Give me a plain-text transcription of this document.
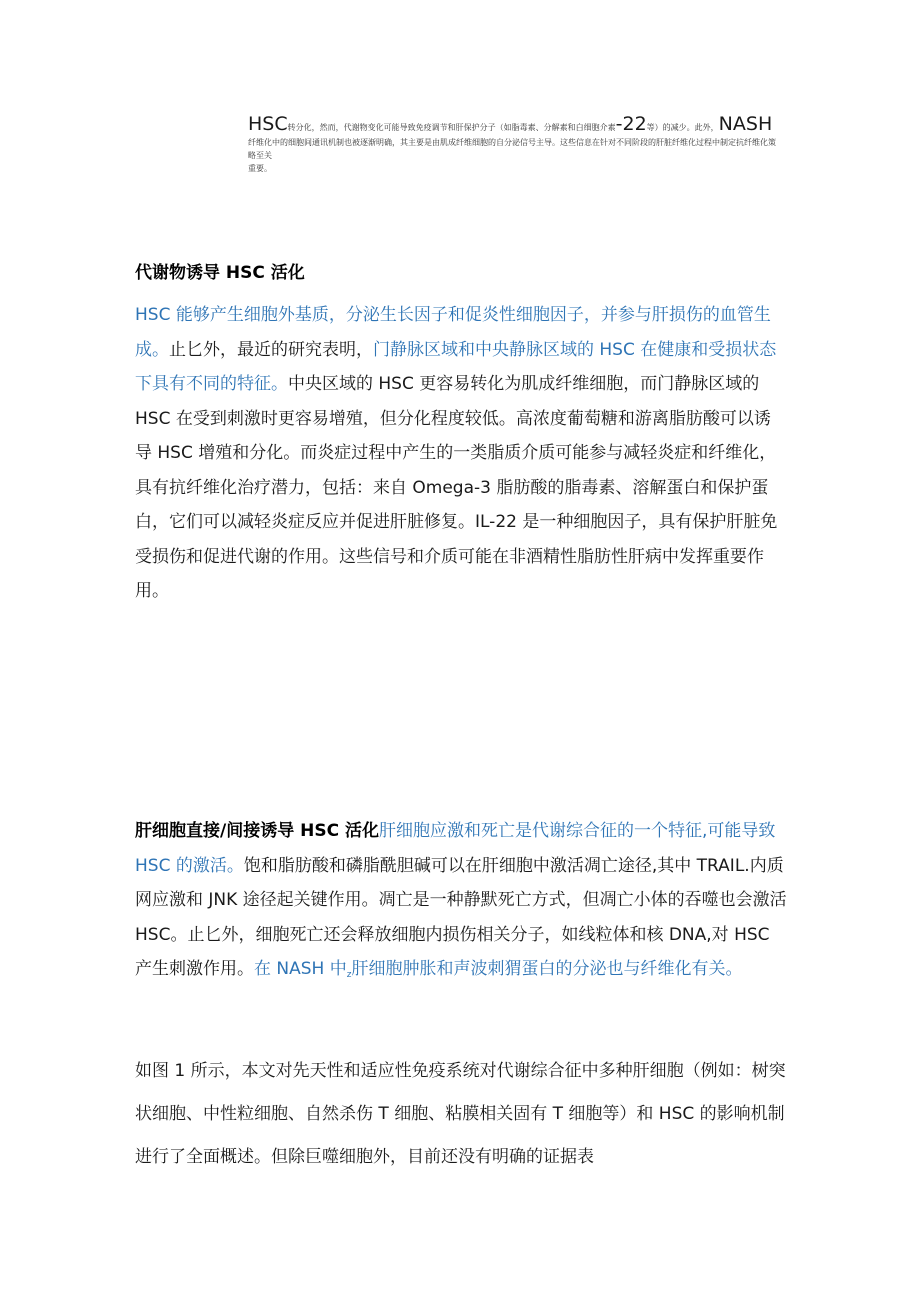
HSC转分化，然而，代谢物变化可能导致免疫调节和肝保护分子（如脂毒素、分解素和白细胞介素-22等）的减少。此外，NASH
纤维化中的细胞间通讯机制也被逐渐明确，其主要是由肌成纤维细胞的自分泌信号主导。这些信息在针对不同阶段的肝脏纤维化过程中制定抗纤维化策略至关
重要。
代谢物诱导 HSC 活化
HSC 能够产生细胞外基质，分泌生长因子和促炎性细胞因子，并参与肝损伤的血管生成。止匕外，最近的研究表明，门静脉区域和中央静脉区域的 HSC 在健康和受损状态下具有不同的特征。中央区域的 HSC 更容易转化为肌成纤维细胞，而门静脉区域的 HSC 在受到刺激时更容易增殖，但分化程度较低。高浓度葡萄糖和游离脂肪酸可以诱导 HSC 增殖和分化。而炎症过程中产生的一类脂质介质可能参与减轻炎症和纤维化，具有抗纤维化治疗潜力，包括：来自 Omega-3 脂肪酸的脂毒素、溶解蛋白和保护蛋白，它们可以减轻炎症反应并促进肝脏修复。IL-22 是一种细胞因子，具有保护肝脏免受损伤和促进代谢的作用。这些信号和介质可能在非酒精性脂肪性肝病中发挥重要作用。
肝细胞直接/间接诱导 HSC 活化肝细胞应激和死亡是代谢综合征的一个特征,可能导致 HSC 的激活。饱和脂肪酸和磷脂酰胆碱可以在肝细胞中激活凋亡途径,其中 TRAIL.内质网应激和 JNK 途径起关键作用。凋亡是一种静默死亡方式，但凋亡小体的吞噬也会激活 HSC。止匕外，细胞死亡还会释放细胞内损伤相关分子，如线粒体和核 DNA,对 HSC 产生刺激作用。在 NASH 中$_z$肝细胞肿胀和声波刺猬蛋白的分泌也与纤维化有关。
如图 1 所示，本文对先天性和适应性免疫系统对代谢综合征中多种肝细胞（例如：树突状细胞、中性粒细胞、自然杀伤 T 细胞、粘膜相关固有 T 细胞等）和 HSC 的影响机制进行了全面概述。但除巨噬细胞外，目前还没有明确的证据表
